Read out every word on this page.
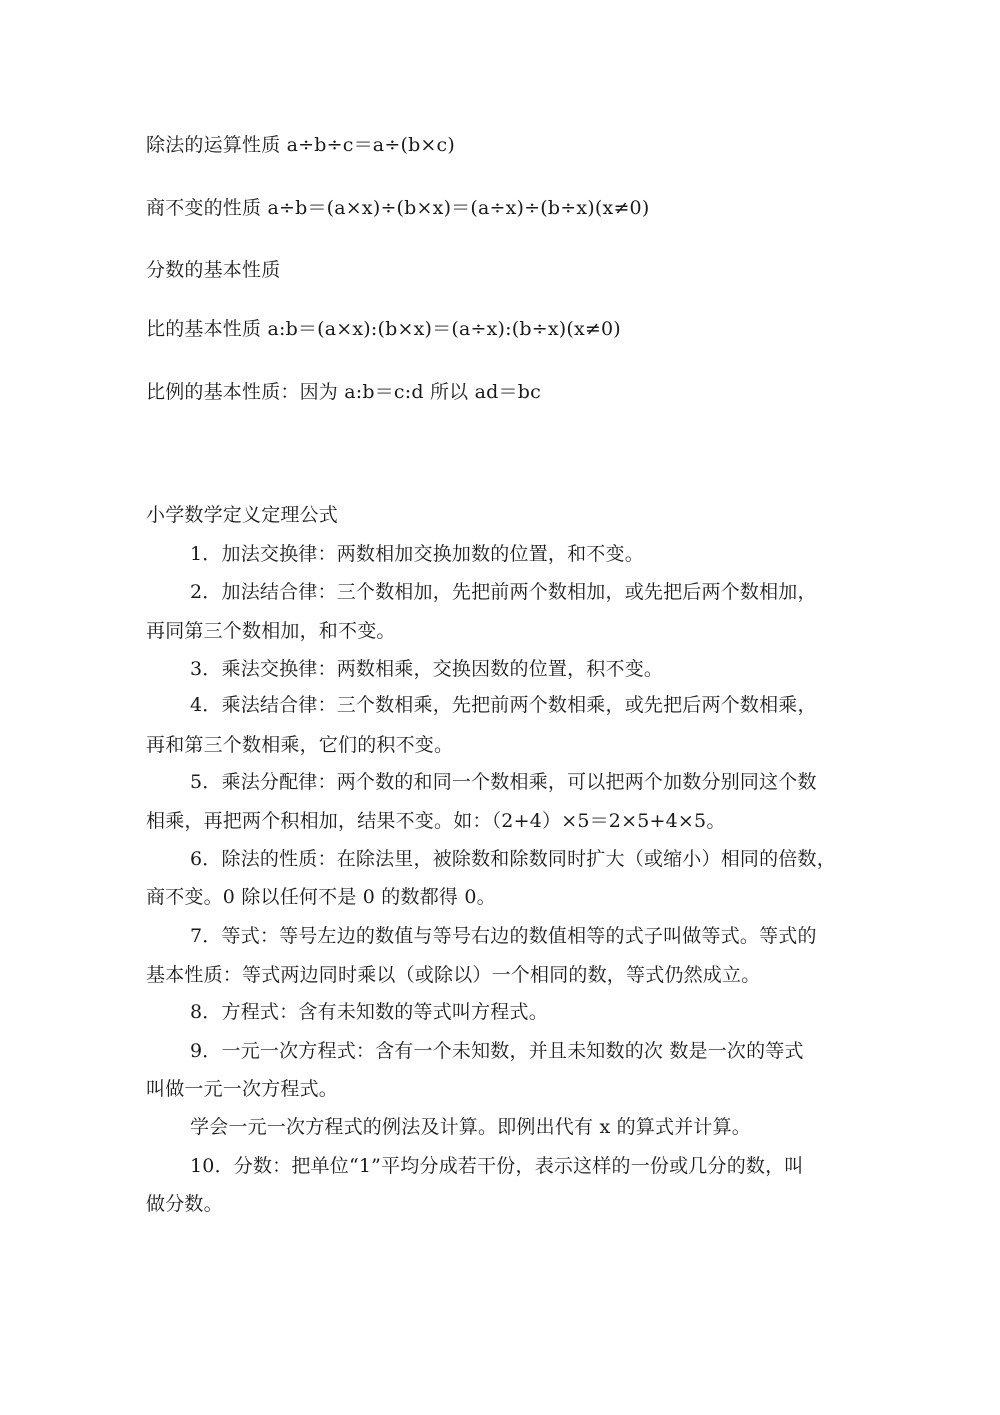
除法的运算性质 a÷b÷c＝a÷(b×c)
商不变的性质 a÷b＝(a×x)÷(b×x)＝(a÷x)÷(b÷x)(x≠0)
分数的基本性质
比的基本性质 a:b＝(a×x):(b×x)＝(a÷x):(b÷x)(x≠0)
比例的基本性质：因为 a:b＝c:d 所以 ad＝bc
小学数学定义定理公式
1．加法交换律：两数相加交换加数的位置，和不变。
2．加法结合律：三个数相加，先把前两个数相加，或先把后两个数相加，
再同第三个数相加，和不变。
3．乘法交换律：两数相乘，交换因数的位置，积不变。
4．乘法结合律：三个数相乘，先把前两个数相乘，或先把后两个数相乘，
再和第三个数相乘，它们的积不变。
5．乘法分配律：两个数的和同一个数相乘，可以把两个加数分别同这个数
相乘，再把两个积相加，结果不变。如：（2+4）×5＝2×5+4×5。
6．除法的性质：在除法里，被除数和除数同时扩大（或缩小）相同的倍数，
商不变。0 除以任何不是 0 的数都得 0。
7．等式：等号左边的数值与等号右边的数值相等的式子叫做等式。等式的
基本性质：等式两边同时乘以（或除以）一个相同的数，等式仍然成立。
8．方程式：含有未知数的等式叫方程式。
9．一元一次方程式：含有一个未知数，并且未知数的次 数是一次的等式
叫做一元一次方程式。
学会一元一次方程式的例法及计算。即例出代有 x 的算式并计算。
10．分数：把单位“1”平均分成若干份，表示这样的一份或几分的数，叫
做分数。
